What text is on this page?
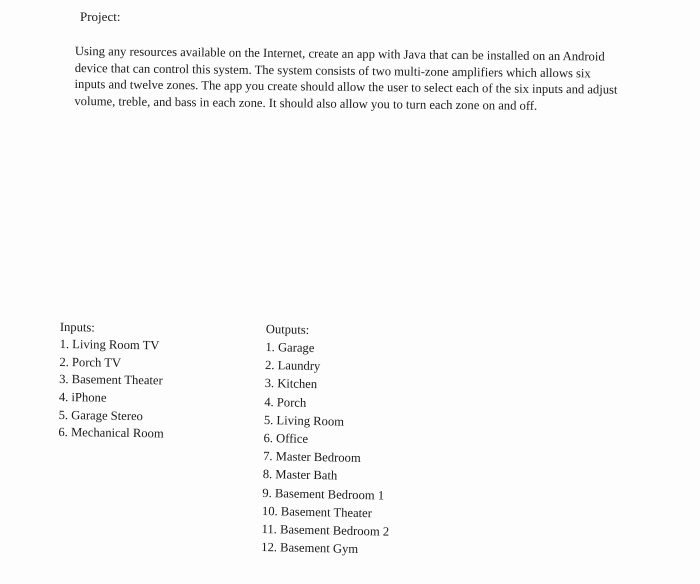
Project:
Using any resources available on the Internet, create an app with Java that can be installed on an Android device that can control this system. The system consists of two multi-zone amplifiers which allows six inputs and twelve zones. The app you create should allow the user to select each of the six inputs and adjust volume, treble, and bass in each zone. It should also allow you to turn each zone on and off.
Inputs:
1. Living Room TV
2. Porch TV
3. Basement Theater
4. iPhone
5. Garage Stereo
6. Mechanical Room
Outputs:
1. Garage
2. Laundry
3. Kitchen
4. Porch
5. Living Room
6. Office
7. Master Bedroom
8. Master Bath
9. Basement Bedroom 1
10. Basement Theater
11. Basement Bedroom 2
12. Basement Gym
